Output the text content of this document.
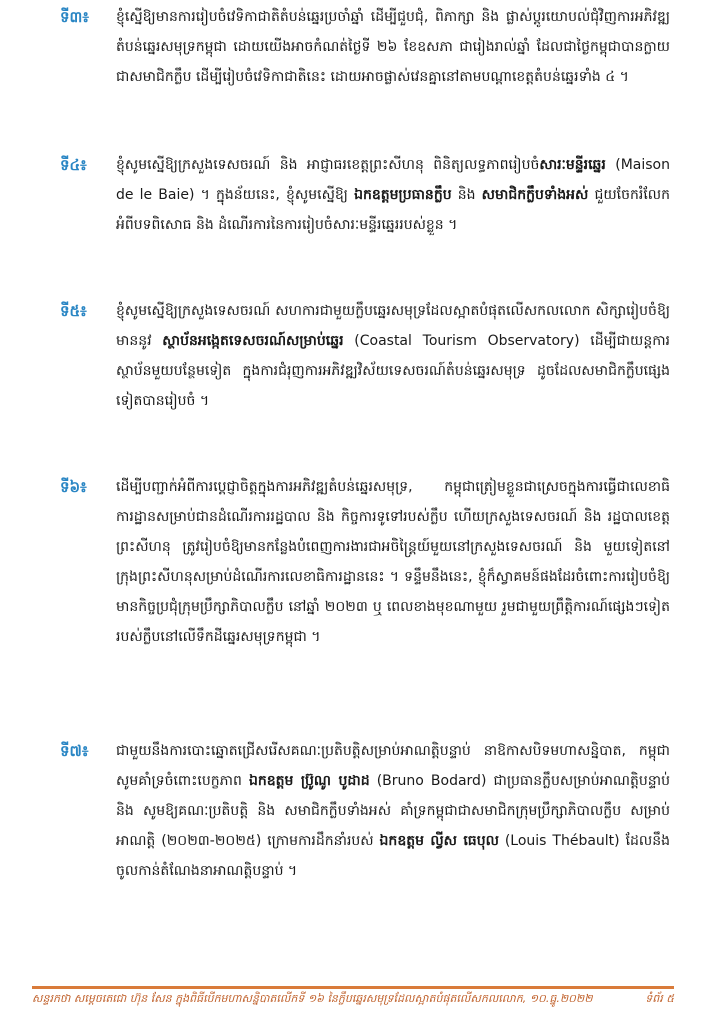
ទី៣៖	ខ្ញុំស្នើឱ្យមានការរៀបចំវេទិកាជាតិតំបន់ឆ្នេរប្រចាំឆ្នាំ ដើម្បីជួបជុំ, ពិភាក្សា និង ផ្លាស់ប្តូរយោបល់ជុំវិញការអភិវឌ្ឍតំបន់ឆ្នេរសមុទ្រកម្ពុជា ដោយយើងអាចកំណត់ថ្ងៃទី ២៦ ខែឧសភា ជារៀងរាល់ឆ្នាំ ដែលជាថ្ងៃកម្ពុជាបានក្លាយជាសមាជិកក្លឹប ដើម្បីរៀបចំវេទិកាជាតិនេះ ដោយអាចផ្លាស់វេនគ្នានៅតាមបណ្តាខេត្តតំបន់ឆ្នេរទាំង ៤ ។
ទី៤៖	ខ្ញុំសូមស្នើឱ្យក្រសួងទេសចរណ៍ និង អាជ្ញាធរខេត្តព្រះសីហនុ ពិនិត្យលទ្ធភាពរៀបចំសារៈមន្ទីរឆ្នេរ (Maison de le Baie) ។ ក្នុងន័យនេះ, ខ្ញុំសូមស្នើឱ្យ ឯកឧត្តមប្រធានក្លឹប និង សមាជិកក្លឹបទាំងអស់ ជួយចែករំលែកអំពីបទពិសោធ និង ដំណើរការនៃការរៀបចំសារៈមន្ទីរឆ្នេររបស់ខ្លួន ។
ទី៥៖	ខ្ញុំសូមស្នើឱ្យក្រសួងទេសចរណ៍ សហការជាមួយក្លឹបឆ្នេរសមុទ្រដែលស្អាតបំផុតលើសកលលោក សិក្សារៀបចំឱ្យមាននូវ ស្ថាប័នអង្កេតទេសចរណ៍សម្រាប់ឆ្នេរ (Coastal Tourism Observatory) ដើម្បីជាយន្តការស្ថាប័នមួយបន្ថែមទៀត ក្នុងការជំរុញការអភិវឌ្ឍវិស័យទេសចរណ៍តំបន់ឆ្នេរសមុទ្រ ដូចដែលសមាជិកក្លឹបផ្សេងទៀតបានរៀបចំ ។
ទី៦៖	ដើម្បីបញ្ជាក់អំពីការប្តេជ្ញាចិត្តក្នុងការអភិវឌ្ឍតំបន់ឆ្នេរសមុទ្រ, កម្ពុជាត្រៀមខ្លួនជាស្រេចក្នុងការធ្វើជាលេខាធិការដ្ឋានសម្រាប់ជានដំណើរការរដ្ឋបាល និង កិច្ចការទូទៅរបស់ក្លឹប ហើយក្រសួងទេសចរណ៍ និង រដ្ឋបាលខេត្តព្រះសីហនុ ត្រូវរៀបចំឱ្យមានកន្លែងបំពេញការងារជាអចិន្ត្រៃយ៍មួយនៅក្រសួងទេសចរណ៍ និង មួយទៀតនៅក្រុងព្រះសីហនុសម្រាប់ដំណើរការលេខាធិការដ្ឋាននេះ ។ ទន្ទឹមនឹងនេះ, ខ្ញុំក៏ស្វាគមន៍ផងដែរចំពោះការរៀបចំឱ្យមានកិច្ចប្រជុំក្រុមប្រឹក្សាភិបាលក្លឹប នៅឆ្នាំ ២០២៣ ឬ ពេលខាងមុខណាមួយ រួមជាមួយព្រឹត្តិការណ៍ផ្សេងៗទៀតរបស់ក្លឹបនៅលើទឹកដីឆ្នេរសមុទ្រកម្ពុជា ។
ទី៧៖	ជាមួយនឹងការបោះឆ្នោតជ្រើសរើសគណៈប្រតិបត្តិសម្រាប់អាណត្តិបន្ទាប់ នាឱកាសបិទមហាសន្និបាត, កម្ពុជាសូមគាំទ្រចំពោះបេក្ខភាព ឯកឧត្តម ប្រ៊ូណូ បូដាដ (Bruno Bodard) ជាប្រធានក្លឹបសម្រាប់អាណត្តិបន្ទាប់ និង សូមឱ្យគណៈប្រតិបត្តិ និង សមាជិកក្លឹបទាំងអស់ គាំទ្រកម្ពុជាជាសមាជិកក្រុមប្រឹក្សាភិបាលក្លឹប សម្រាប់អាណត្តិ (២០២៣-២០២៥) ក្រោមការដឹកនាំរបស់ ឯកឧត្តម ល្វីស ធេបុល (Louis Thébault) ដែលនឹងចូលកាន់តំណែងនាអាណត្តិបន្ទាប់ ។
សន្ទរកថា សម្តេចតេជោ ហ៊ុន សែន ក្នុងពិធីបើកមហាសន្និបាតលើកទី ១៦ នៃក្លឹបឆ្នេរសមុទ្រដែលស្អាតបំផុតលើសកលលោក, ១០.ធ្នូ.២០២២	ទំព័រ ៥
